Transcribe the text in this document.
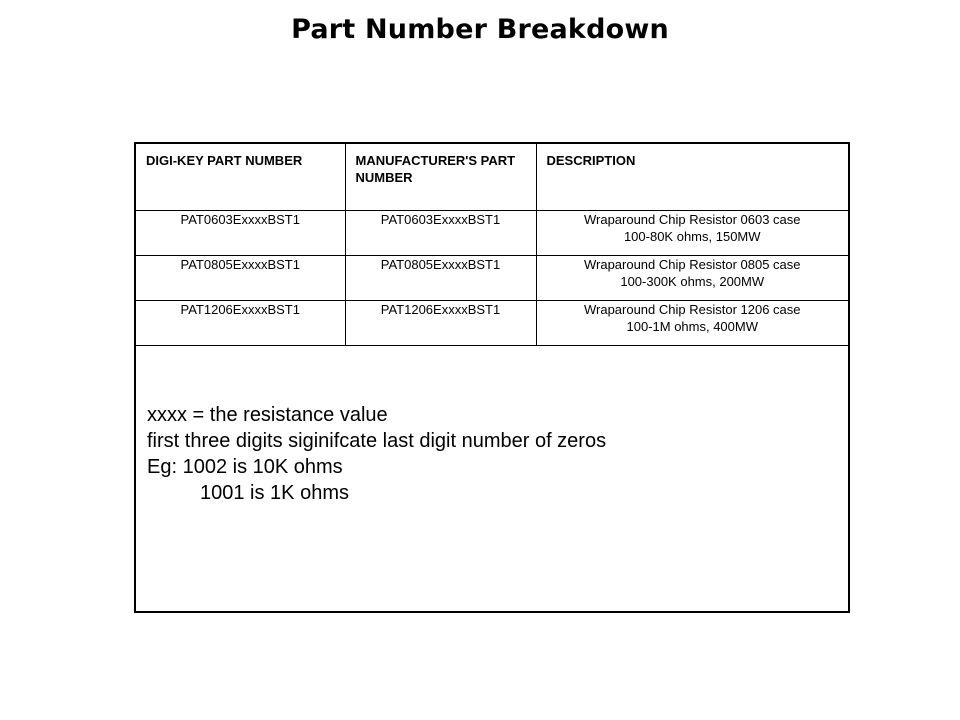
Part Number Breakdown
DIGI-KEY PART NUMBER	MANUFACTURER'S PART NUMBER	DESCRIPTION
PAT0603ExxxxBST1	PAT0603ExxxxBST1	Wraparound Chip Resistor 0603 case
100-80K ohms, 150MW

PAT0805ExxxxBST1	PAT0805ExxxxBST1	Wraparound Chip Resistor 0805 case
100-300K ohms, 200MW

PAT1206ExxxxBST1	PAT1206ExxxxBST1	Wraparound Chip Resistor 1206 case
100-1M ohms, 400MW
xxxx = the resistance value
first three digits siginifcate last digit number of zeros
Eg: 1002 is 10K ohms
1001 is 1K ohms
